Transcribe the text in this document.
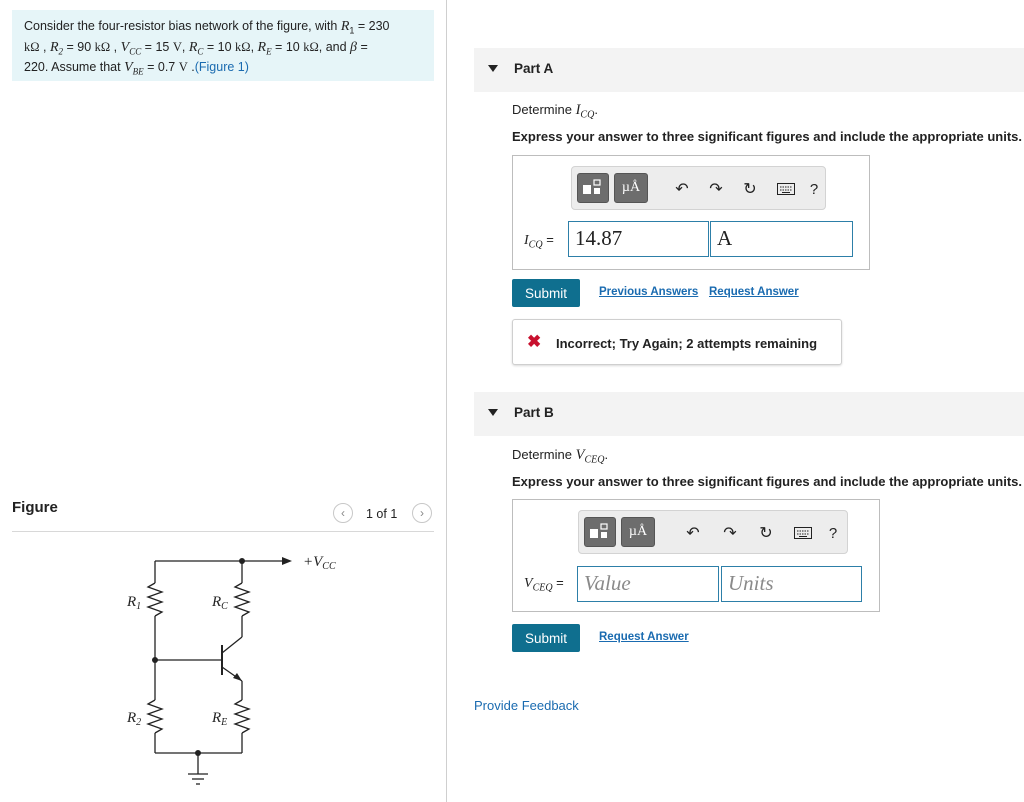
Consider the four-resistor bias network of the figure, with $R_1 = 230$
kΩ , $R_2 = 90$ kΩ , $V_{CC} = 15$ V, $R_C = 10$ kΩ, $R_E = 10$ kΩ, and β =
220. Assume that $V_{BE} = 0.7$ V .(Figure 1)
Figure	‹ 1 of 1 ›
$+V_{CC}$
$R_1$	$R_C$
$R_2$	$R_E$
Part A
Determine $I_{CQ}$.
Express your answer to three significant figures and include the appropriate units.
µÅ	↶ ↷ ↻	?
$I_{CQ}$ =	14.87	A
Submit	Previous Answers Request Answer
✖ Incorrect; Try Again; 2 attempts remaining
Part B
Determine $V_{CEQ}$.
Express your answer to three significant figures and include the appropriate units.
µÅ	↶ ↷ ↻	?
$V_{CEQ}$ = Value	Units
Submit	Request Answer
Provide Feedback
